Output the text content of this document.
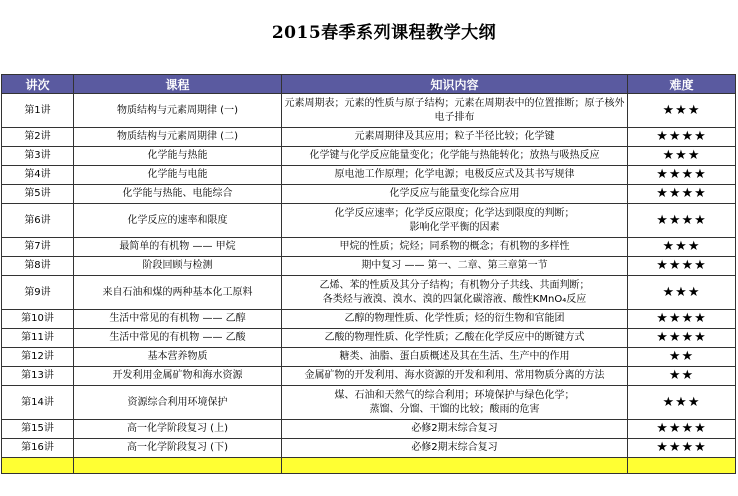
2015春季系列课程教学大纲
讲次	课程	知识内容	难度
第1讲	物质结构与元素周期律 (一)	元素周期表；元素的性质与原子结构；元素在周期表中的位置推断；原子核外电子排布	★★★
第2讲	物质结构与元素周期律 (二)	元素周期律及其应用；粒子半径比较；化学键	★★★★
第3讲	化学能与热能	化学键与化学反应能量变化；化学能与热能转化；放热与吸热反应	★★★
第4讲	化学能与电能	原电池工作原理；化学电源；电极反应式及其书写规律	★★★★
第5讲	化学能与热能、电能综合	化学反应与能量变化综合应用	★★★★
第6讲	化学反应的速率和限度	化学反应速率；化学反应限度；化学达到限度的判断；
影响化学平衡的因素	★★★★
第7讲	最简单的有机物 —— 甲烷	甲烷的性质；烷烃；同系物的概念；有机物的多样性	★★★
第8讲	阶段回顾与检测	期中复习 —— 第一、二章、第三章第一节	★★★★
第9讲	来自石油和煤的两种基本化工原料	乙烯、苯的性质及其分子结构；有机物分子共线、共面判断；
各类烃与液溴、溴水、溴的四氯化碳溶液、酸性KMnO₄反应	★★★
第10讲	生活中常见的有机物 —— 乙醇	乙醇的物理性质、化学性质；烃的衍生物和官能团	★★★★
第11讲	生活中常见的有机物 —— 乙酸	乙酸的物理性质、化学性质；乙酸在化学反应中的断键方式	★★★★
第12讲	基本营养物质	糖类、油脂、蛋白质概述及其在生活、生产中的作用	★★
第13讲	开发利用金属矿物和海水资源	金属矿物的开发利用、海水资源的开发和利用、常用物质分离的方法	★★
第14讲	资源综合利用环境保护	煤、石油和天然气的综合利用；环境保护与绿色化学；
蒸馏、分馏、干馏的比较；酸雨的危害	★★★
第15讲	高一化学阶段复习 (上)	必修2期末综合复习	★★★★
第16讲	高一化学阶段复习 (下)	必修2期末综合复习	★★★★
